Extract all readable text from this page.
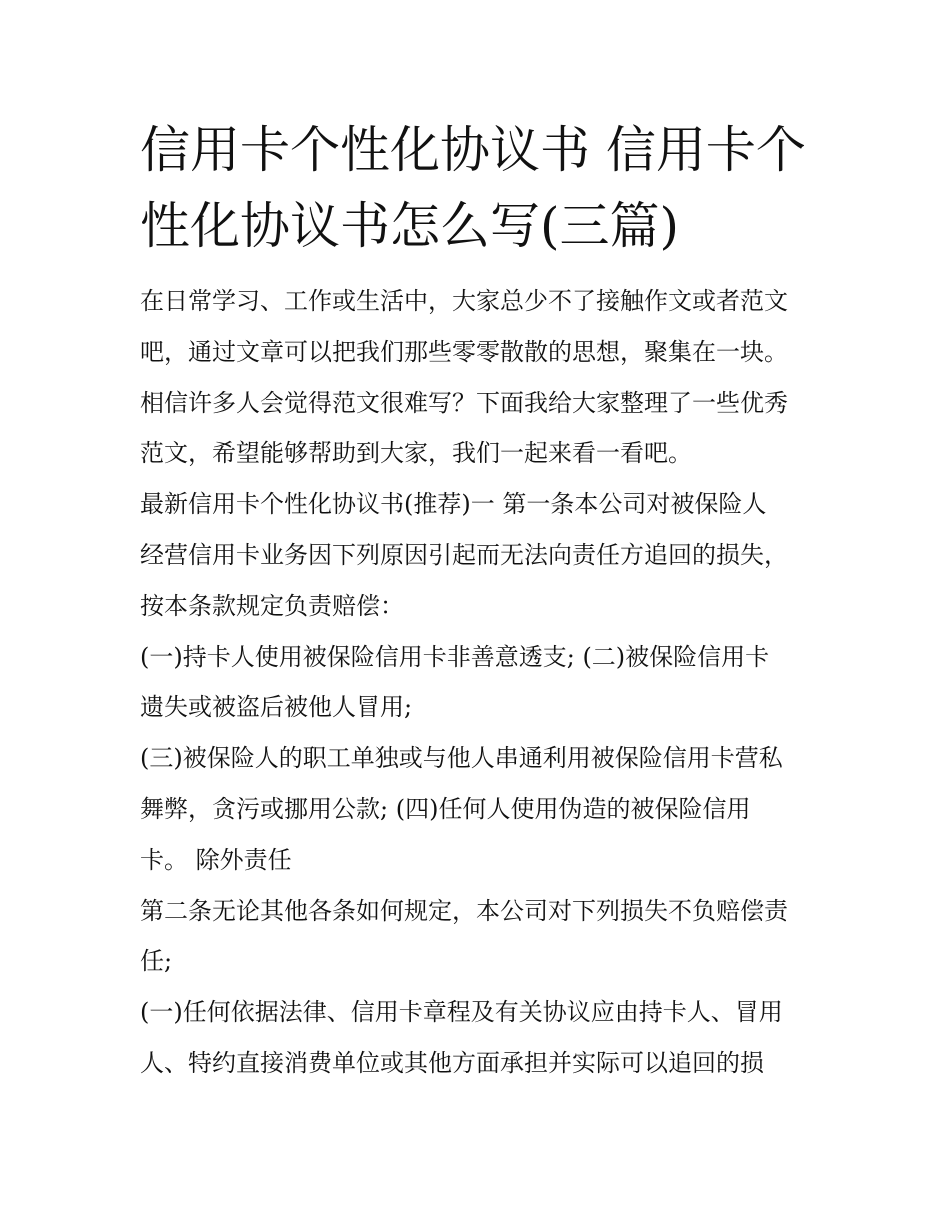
信用卡个性化协议书 信用卡个
性化协议书怎么写(三篇)
在日常学习、工作或生活中，大家总少不了接触作文或者范文
吧，通过文章可以把我们那些零零散散的思想，聚集在一块。
相信许多人会觉得范文很难写？下面我给大家整理了一些优秀
范文，希望能够帮助到大家，我们一起来看一看吧。
最新信用卡个性化协议书(推荐)一 第一条本公司对被保险人
经营信用卡业务因下列原因引起而无法向责任方追回的损失，
按本条款规定负责赔偿：
(一)持卡人使用被保险信用卡非善意透支; (二)被保险信用卡
遗失或被盗后被他人冒用;
(三)被保险人的职工单独或与他人串通利用被保险信用卡营私
舞弊，贪污或挪用公款; (四)任何人使用伪造的被保险信用
卡。 除外责任
第二条无论其他各条如何规定，本公司对下列损失不负赔偿责
任;
(一)任何依据法律、信用卡章程及有关协议应由持卡人、冒用
人、特约直接消费单位或其他方面承担并实际可以追回的损
